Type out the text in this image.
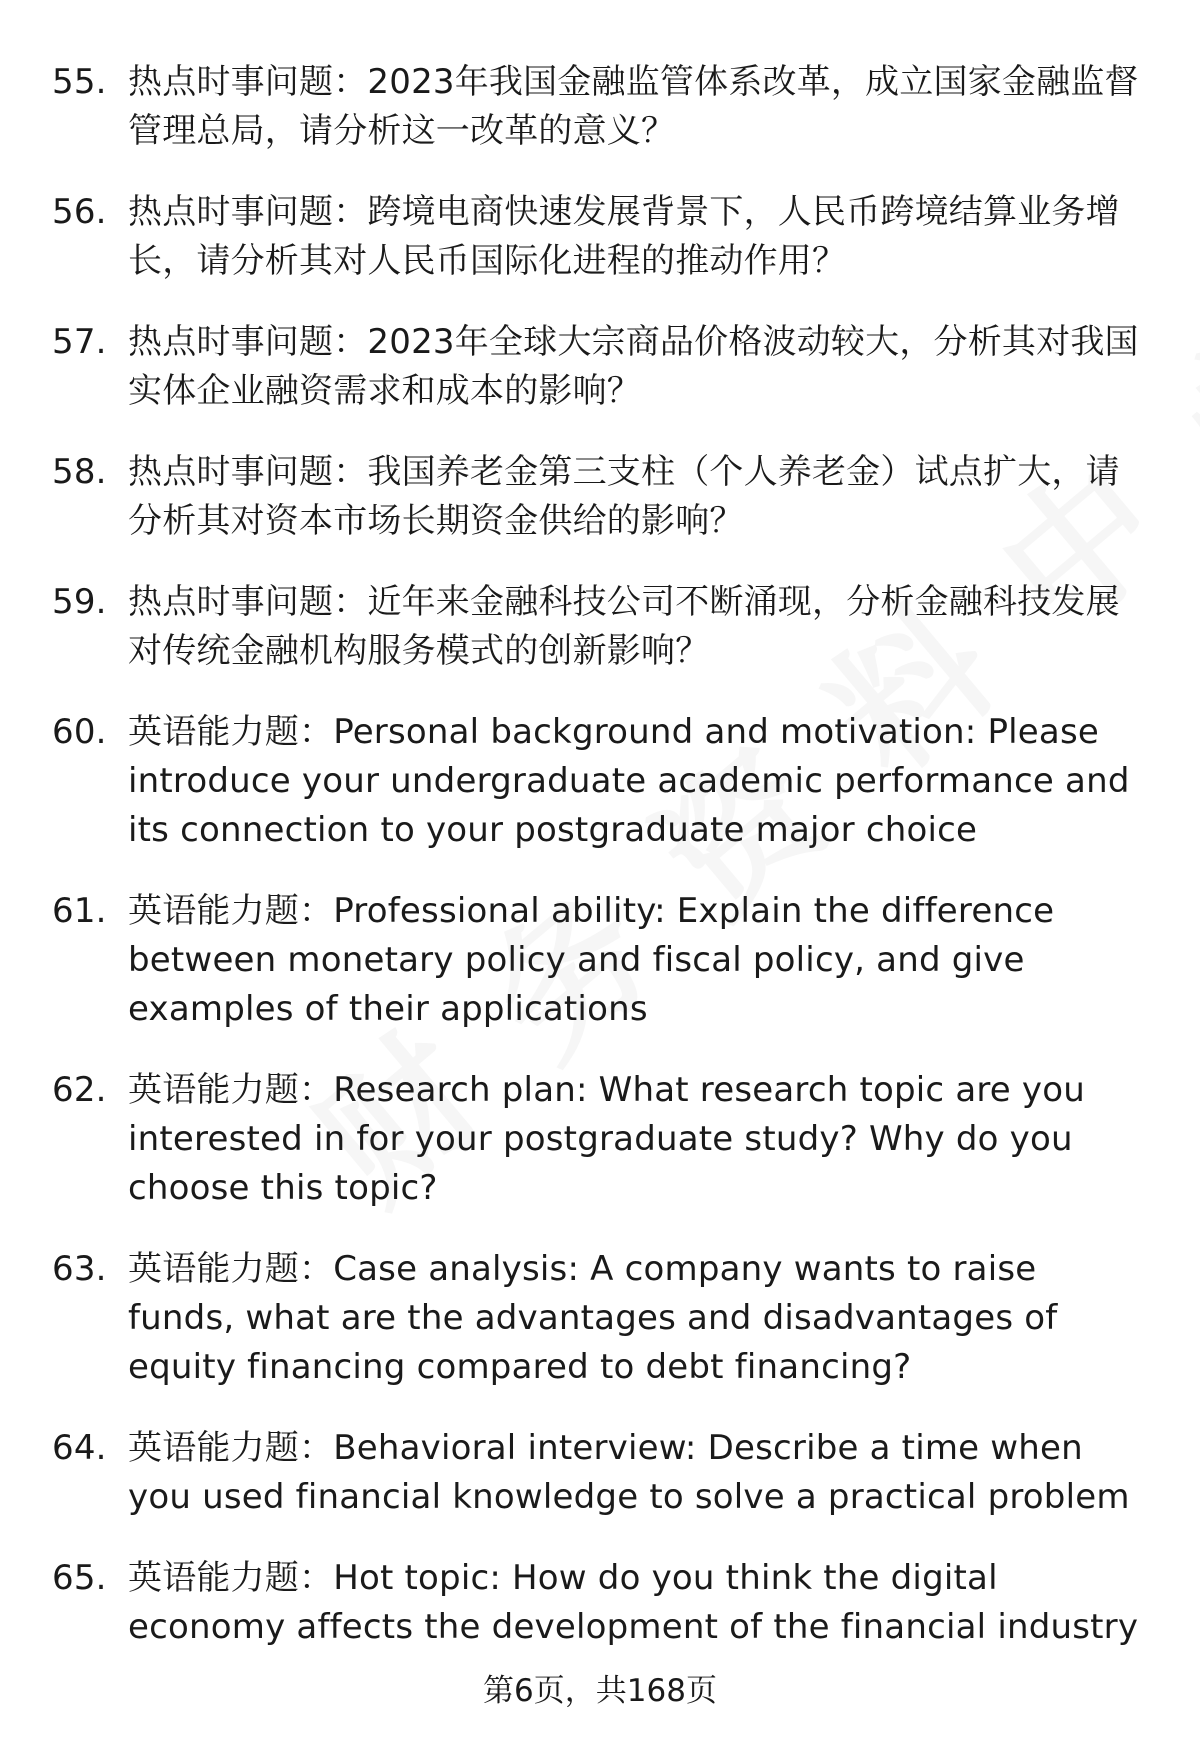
55. 热点时事问题：2023年我国金融监管体系改革，成立国家金融监督管理总局，请分析这一改革的意义？
56. 热点时事问题：跨境电商快速发展背景下，人民币跨境结算业务增长，请分析其对人民币国际化进程的推动作用？
57. 热点时事问题：2023年全球大宗商品价格波动较大，分析其对我国实体企业融资需求和成本的影响？
58. 热点时事问题：我国养老金第三支柱（个人养老金）试点扩大，请分析其对资本市场长期资金供给的影响？
59. 热点时事问题：近年来金融科技公司不断涌现，分析金融科技发展对传统金融机构服务模式的创新影响？
60. 英语能力题：Personal background and motivation: Please introduce your undergraduate academic performance and its connection to your postgraduate major choice
61. 英语能力题：Professional ability: Explain the difference between monetary policy and fiscal policy, and give examples of their applications
62. 英语能力题：Research plan: What research topic are you interested in for your postgraduate study? Why do you choose this topic?
63. 英语能力题：Case analysis: A company wants to raise funds, what are the advantages and disadvantages of equity financing compared to debt financing?
64. 英语能力题：Behavioral interview: Describe a time when you used financial knowledge to solve a practical problem
65. 英语能力题：Hot topic: How do you think the digital economy affects the development of the financial industry
第6页，共168页
